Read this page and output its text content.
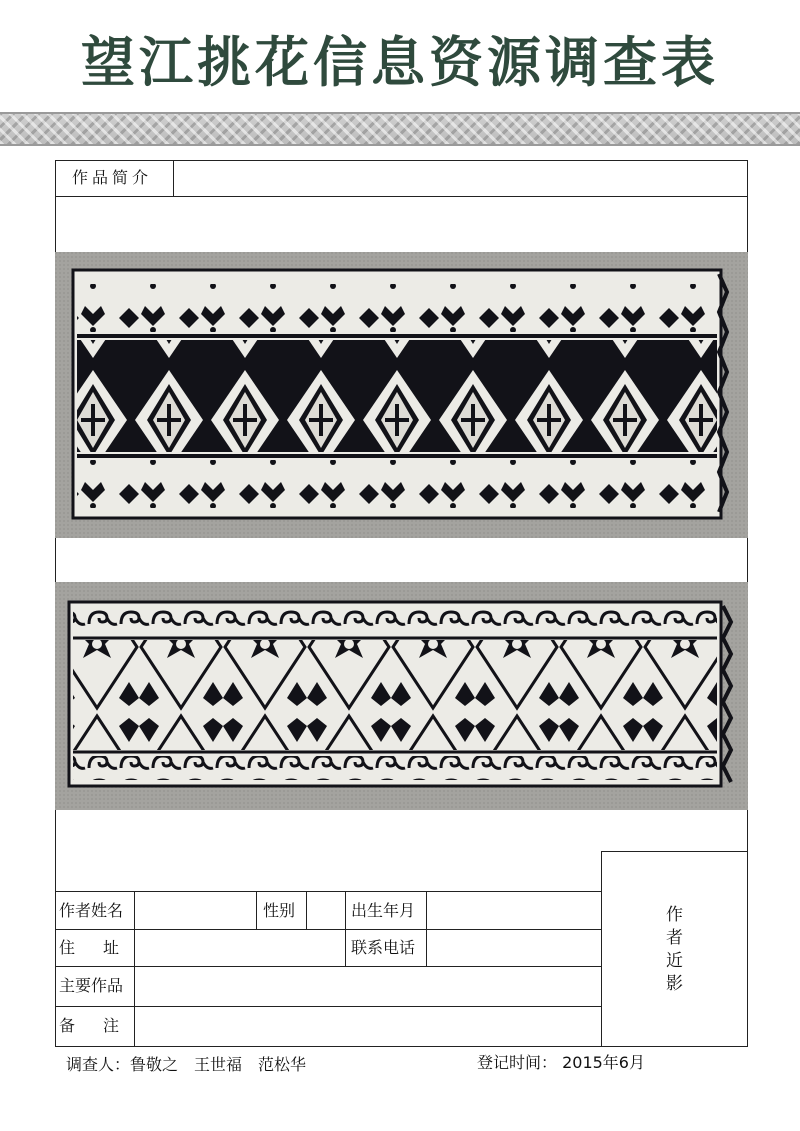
望江挑花信息资源调查表
作品简介
作者姓名	性别	出生年月
住　址	联系电话
主要作品
备　注
作者近影
调查人：鲁敬之　王世福　范松华	登记时间： 2015年6月
